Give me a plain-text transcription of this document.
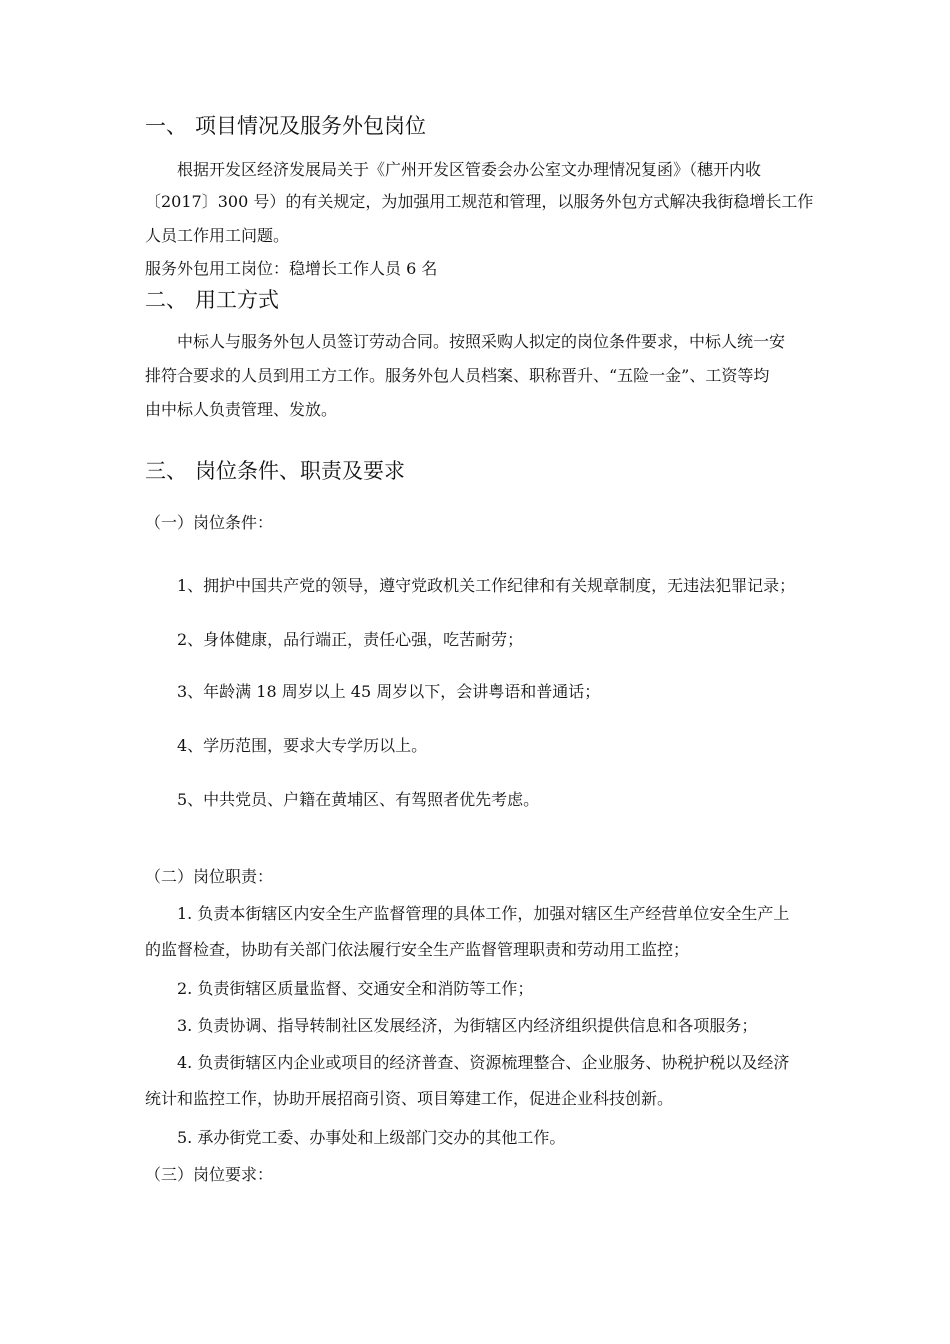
一、 项目情况及服务外包岗位
根据开发区经济发展局关于《广州开发区管委会办公室文办理情况复函》（穗开内收
〔2017〕300 号）的有关规定，为加强用工规范和管理，以服务外包方式解决我街稳增长工作
人员工作用工问题。
服务外包用工岗位：稳增长工作人员 6 名
二、 用工方式
中标人与服务外包人员签订劳动合同。按照采购人拟定的岗位条件要求，中标人统一安
排符合要求的人员到用工方工作。服务外包人员档案、职称晋升、“五险一金”、工资等均
由中标人负责管理、发放。
三、 岗位条件、职责及要求
（一）岗位条件：
1、拥护中国共产党的领导，遵守党政机关工作纪律和有关规章制度，无违法犯罪记录；
2、身体健康，品行端正，责任心强，吃苦耐劳；
3、年龄满 18 周岁以上 45 周岁以下，会讲粤语和普通话；
4、学历范围，要求大专学历以上。
5、中共党员、户籍在黄埔区、有驾照者优先考虑。
（二）岗位职责：
1. 负责本街辖区内安全生产监督管理的具体工作，加强对辖区生产经营单位安全生产上
的监督检查，协助有关部门依法履行安全生产监督管理职责和劳动用工监控；
2. 负责街辖区质量监督、交通安全和消防等工作；
3. 负责协调、指导转制社区发展经济，为街辖区内经济组织提供信息和各项服务；
4. 负责街辖区内企业或项目的经济普查、资源梳理整合、企业服务、协税护税以及经济
统计和监控工作，协助开展招商引资、项目筹建工作，促进企业科技创新。
5. 承办街党工委、办事处和上级部门交办的其他工作。
（三）岗位要求：
